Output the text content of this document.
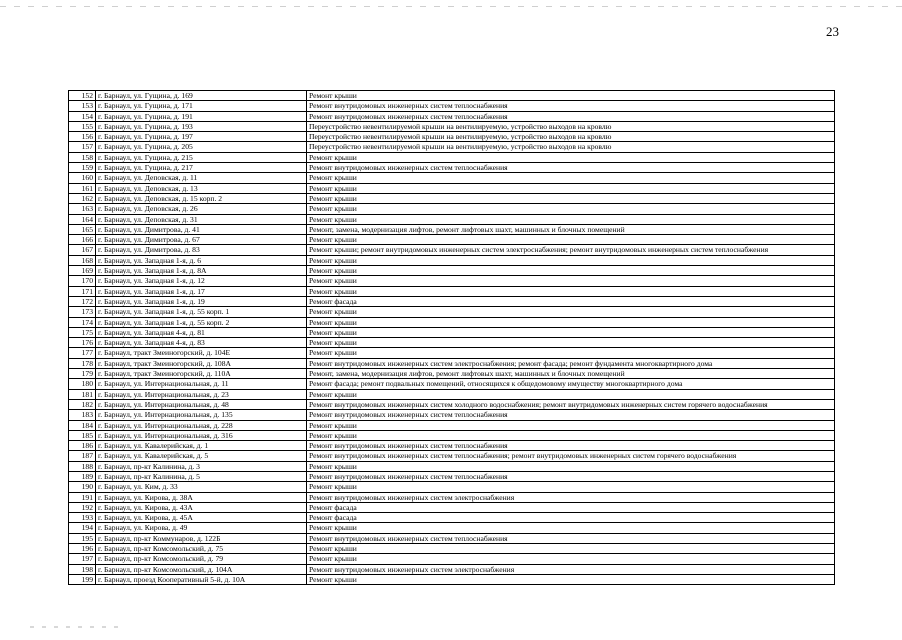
23
152	г. Барнаул, ул. Гущина, д. 169	Ремонт крыши
153	г. Барнаул, ул. Гущина, д. 171	Ремонт внутридомовых инженерных систем теплоснабжения
154	г. Барнаул, ул. Гущина, д. 191	Ремонт внутридомовых инженерных систем теплоснабжения
155	г. Барнаул, ул. Гущина, д. 193	Переустройство невентилируемой крыши на вентилируемую, устройство выходов на кровлю
156	г. Барнаул, ул. Гущина, д. 197	Переустройство невентилируемой крыши на вентилируемую, устройство выходов на кровлю
157	г. Барнаул, ул. Гущина, д. 205	Переустройство невентилируемой крыши на вентилируемую, устройство выходов на кровлю
158	г. Барнаул, ул. Гущина, д. 215	Ремонт крыши
159	г. Барнаул, ул. Гущина, д. 217	Ремонт внутридомовых инженерных систем теплоснабжения
160	г. Барнаул, ул. Деповская, д. 11	Ремонт крыши
161	г. Барнаул, ул. Деповская, д. 13	Ремонт крыши
162	г. Барнаул, ул. Деповская, д. 15 корп. 2	Ремонт крыши
163	г. Барнаул, ул. Деповская, д. 26	Ремонт крыши
164	г. Барнаул, ул. Деповская, д. 31	Ремонт крыши
165	г. Барнаул, ул. Димитрова, д. 41	Ремонт, замена, модернизация лифтов, ремонт лифтовых шахт, машинных и блочных помещений
166	г. Барнаул, ул. Димитрова, д. 67	Ремонт крыши
167	г. Барнаул, ул. Димитрова, д. 83	Ремонт крыши; ремонт внутридомовых инженерных систем электроснабжения; ремонт внутридомовых инженерных систем теплоснабжения
168	г. Барнаул, ул. Западная 1-я, д. 6	Ремонт крыши
169	г. Барнаул, ул. Западная 1-я, д. 8А	Ремонт крыши
170	г. Барнаул, ул. Западная 1-я, д. 12	Ремонт крыши
171	г. Барнаул, ул. Западная 1-я, д. 17	Ремонт крыши
172	г. Барнаул, ул. Западная 1-я, д. 19	Ремонт фасада
173	г. Барнаул, ул. Западная 1-я, д. 55 корп. 1	Ремонт крыши
174	г. Барнаул, ул. Западная 1-я, д. 55 корп. 2	Ремонт крыши
175	г. Барнаул, ул. Западная 4-я, д. 81	Ремонт крыши
176	г. Барнаул, ул. Западная 4-я, д. 83	Ремонт крыши
177	г. Барнаул, тракт Змеиногорский, д. 104Е	Ремонт крыши
178	г. Барнаул, тракт Змеиногорский, д. 108А	Ремонт внутридомовых инженерных систем электроснабжения; ремонт фасада; ремонт фундамента многоквартирного дома
179	г. Барнаул, тракт Змеиногорский, д. 110А	Ремонт, замена, модернизация лифтов, ремонт лифтовых шахт, машинных и блочных помещений
180	г. Барнаул, ул. Интернациональная, д. 11	Ремонт фасада; ремонт подвальных помещений, относящихся к общедомовому имуществу многоквартирного дома
181	г. Барнаул, ул. Интернациональная, д. 23	Ремонт крыши
182	г. Барнаул, ул. Интернациональная, д. 48	Ремонт внутридомовых инженерных систем холодного водоснабжения; ремонт внутридомовых инженерных систем горячего водоснабжения
183	г. Барнаул, ул. Интернациональная, д. 135	Ремонт внутридомовых инженерных систем теплоснабжения
184	г. Барнаул, ул. Интернациональная, д. 228	Ремонт крыши
185	г. Барнаул, ул. Интернациональная, д. 316	Ремонт крыши
186	г. Барнаул, ул. Кавалерийская, д. 1	Ремонт внутридомовых инженерных систем теплоснабжения
187	г. Барнаул, ул. Кавалерийская, д. 5	Ремонт внутридомовых инженерных систем теплоснабжения; ремонт внутридомовых инженерных систем горячего водоснабжения
188	г. Барнаул, пр-кт Калинина, д. 3	Ремонт крыши
189	г. Барнаул, пр-кт Калинина, д. 5	Ремонт внутридомовых инженерных систем теплоснабжения
190	г. Барнаул, ул. Ким, д. 33	Ремонт крыши
191	г. Барнаул, ул. Кирова, д. 38А	Ремонт внутридомовых инженерных систем электроснабжения
192	г. Барнаул, ул. Кирова, д. 43А	Ремонт фасада
193	г. Барнаул, ул. Кирова, д. 45А	Ремонт фасада
194	г. Барнаул, ул. Кирова, д. 49	Ремонт крыши
195	г. Барнаул, пр-кт Коммунаров, д. 122Б	Ремонт внутридомовых инженерных систем теплоснабжения
196	г. Барнаул, пр-кт Комсомольский, д. 75	Ремонт крыши
197	г. Барнаул, пр-кт Комсомольский, д. 79	Ремонт крыши
198	г. Барнаул, пр-кт Комсомольский, д. 104А	Ремонт внутридомовых инженерных систем электроснабжения
199	г. Барнаул, проезд Кооперативный 5-й, д. 10А	Ремонт крыши
